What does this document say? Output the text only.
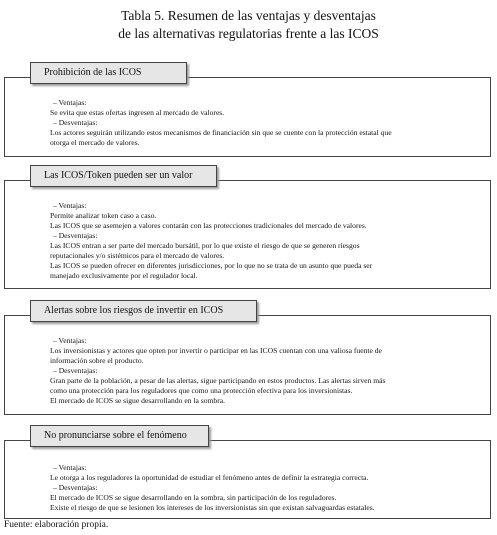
Tabla 5. Resumen de las ventajas y desventajas
de las alternativas regulatorias frente a las ICOS
Prohibición de las ICOS
– Ventajas:
Se evita que estas ofertas ingresen al mercado de valores.
– Desventajas:
Los actores seguirán utilizando estos mecanismos de financiación sin que se cuente con la protección estatal que
otorga el mercado de valores.
Las ICOS/Token pueden ser un valor
– Ventajas:
Permite analizar token caso a caso.
Las ICOS que se asemejen a valores contarán con las protecciones tradicionales del mercado de valores.
– Desventajas:
Las ICOS entran a ser parte del mercado bursátil, por lo que existe el riesgo de que se generen riesgos
reputacionales y/o sistémicos para el mercado de valores.
Las ICOS se pueden ofrecer en diferentes jurisdicciones, por lo que no se trata de un asunto que pueda ser
manejado exclusivamente por el regulador local.
Alertas sobre los riesgos de invertir en ICOS
– Ventajas:
Los inversionistas y actores que opten por invertir o participar en las ICOS cuentan con una valiosa fuente de
información sobre el producto.
– Desventajas:
Gran parte de la población, a pesar de las alertas, sigue participando en estos productos. Las alertas sirven más
como una protección para los reguladores que como una protección efectiva para los inversionistas.
El mercado de ICOS se sigue desarrollando en la sombra.
No pronunciarse sobre el fenómeno
– Ventajas:
Le otorga a los reguladores la oportunidad de estudiar el fenómeno antes de definir la estrategia correcta.
– Desventajas:
El mercado de ICOS se sigue desarrollando en la sombra, sin participación de los reguladores.
Existe el riesgo de que se lesionen los intereses de los inversionistas sin que existan salvaguardas estatales.
Fuente: elaboración propia.
